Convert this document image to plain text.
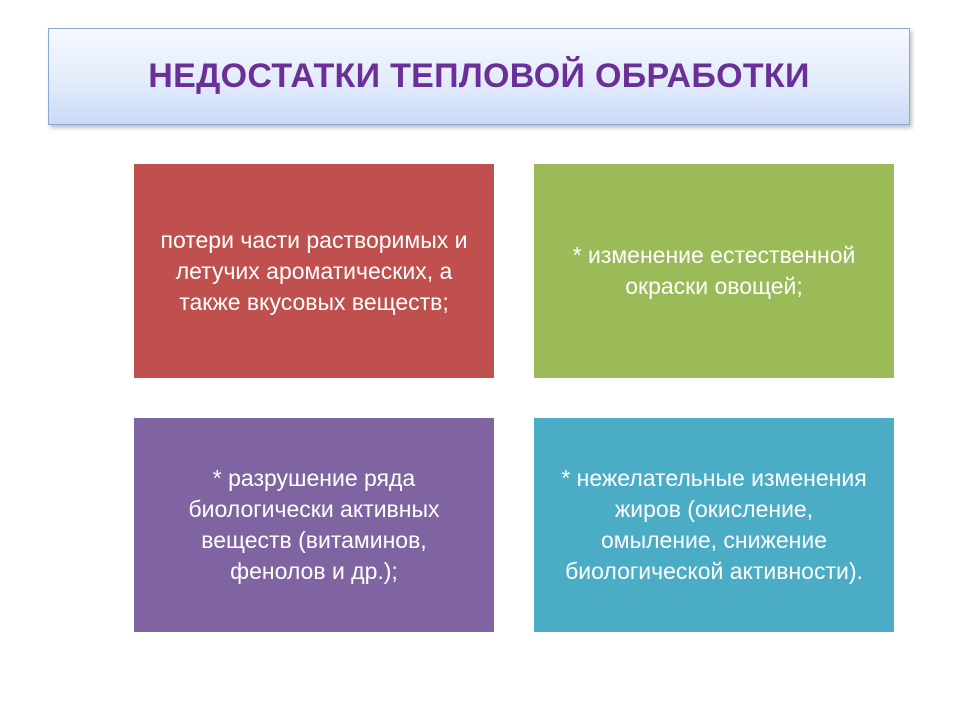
НЕДОСТАТКИ ТЕПЛОВОЙ ОБРАБОТКИ
потери части растворимых и летучих ароматических, а также вкусовых веществ;
* изменение естественной окраски овощей;
* разрушение ряда биологически активных веществ (витаминов, фенолов и др.);
* нежелательные изменения жиров (окисление, омыление, снижение биологической активности).
